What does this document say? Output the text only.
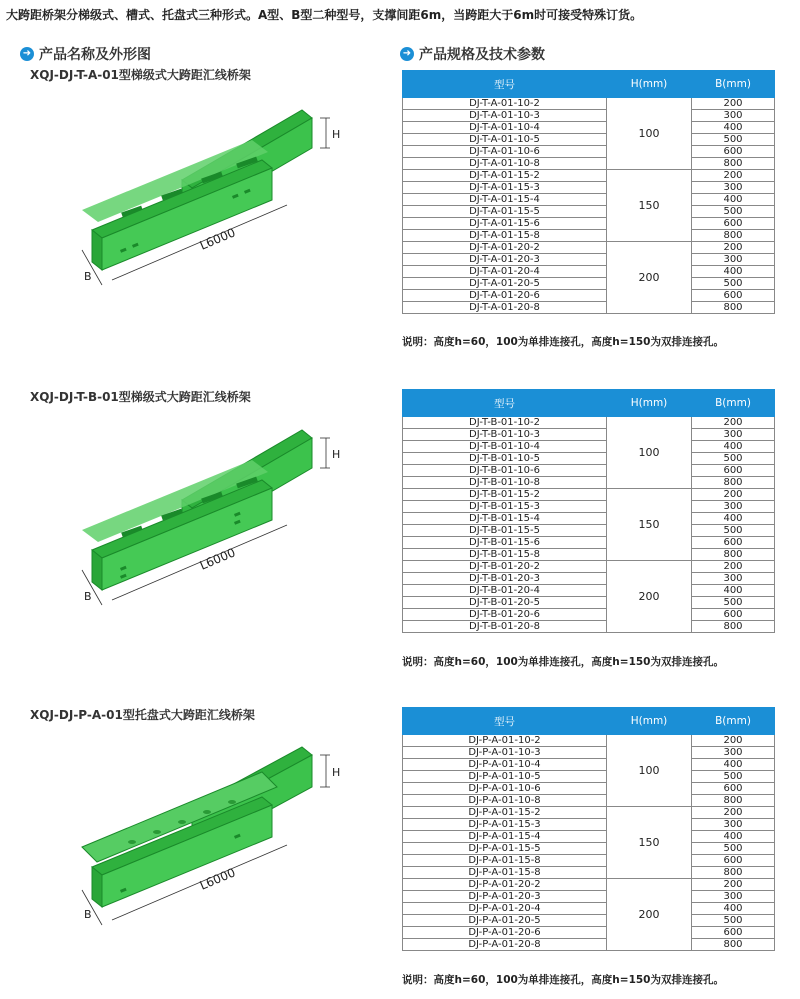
大跨距桥架分梯级式、槽式、托盘式三种形式。A型、B型二种型号，支撑间距6m，当跨距大于6m时可接受特殊订货。
➜ 产品名称及外形图	➜ 产品规格及技术参数
XQJ-DJ-T-A-01型梯级式大跨距汇线桥架
H
B
L6000
型号	H(mm)	B(mm)
DJ-T-A-01-10-2	100	200
DJ-T-A-01-10-3		300
DJ-T-A-01-10-4		400
DJ-T-A-01-10-5		500
DJ-T-A-01-10-6		600
DJ-T-A-01-10-8		800
DJ-T-A-01-15-2	150	200
DJ-T-A-01-15-3		300
DJ-T-A-01-15-4		400
DJ-T-A-01-15-5		500
DJ-T-A-01-15-6		600
DJ-T-A-01-15-8		800
DJ-T-A-01-20-2	200	200
DJ-T-A-01-20-3		300
DJ-T-A-01-20-4		400
DJ-T-A-01-20-5		500
DJ-T-A-01-20-6		600
DJ-T-A-01-20-8		800
说明：高度h=60，100为单排连接孔，高度h=150为双排连接孔。
XQJ-DJ-T-B-01型梯级式大跨距汇线桥架
H
B
L6000
型号	H(mm)	B(mm)
DJ-T-B-01-10-2	100	200
DJ-T-B-01-10-3		300
DJ-T-B-01-10-4		400
DJ-T-B-01-10-5		500
DJ-T-B-01-10-6		600
DJ-T-B-01-10-8		800
DJ-T-B-01-15-2	150	200
DJ-T-B-01-15-3		300
DJ-T-B-01-15-4		400
DJ-T-B-01-15-5		500
DJ-T-B-01-15-6		600
DJ-T-B-01-15-8		800
DJ-T-B-01-20-2	200	200
DJ-T-B-01-20-3		300
DJ-T-B-01-20-4		400
DJ-T-B-01-20-5		500
DJ-T-B-01-20-6		600
DJ-T-B-01-20-8		800
说明：高度h=60，100为单排连接孔，高度h=150为双排连接孔。
XQJ-DJ-P-A-01型托盘式大跨距汇线桥架
H
B
L6000
型号	H(mm)	B(mm)
DJ-P-A-01-10-2	100	200
DJ-P-A-01-10-3		300
DJ-P-A-01-10-4		400
DJ-P-A-01-10-5		500
DJ-P-A-01-10-6		600
DJ-P-A-01-10-8		800
DJ-P-A-01-15-2	150	200
DJ-P-A-01-15-3		300
DJ-P-A-01-15-4		400
DJ-P-A-01-15-5		500
DJ-P-A-01-15-8		600
DJ-P-A-01-15-8		800
DJ-P-A-01-20-2	200	200
DJ-P-A-01-20-3		300
DJ-P-A-01-20-4		400
DJ-P-A-01-20-5		500
DJ-P-A-01-20-6		600
DJ-P-A-01-20-8		800
说明：高度h=60，100为单排连接孔，高度h=150为双排连接孔。
